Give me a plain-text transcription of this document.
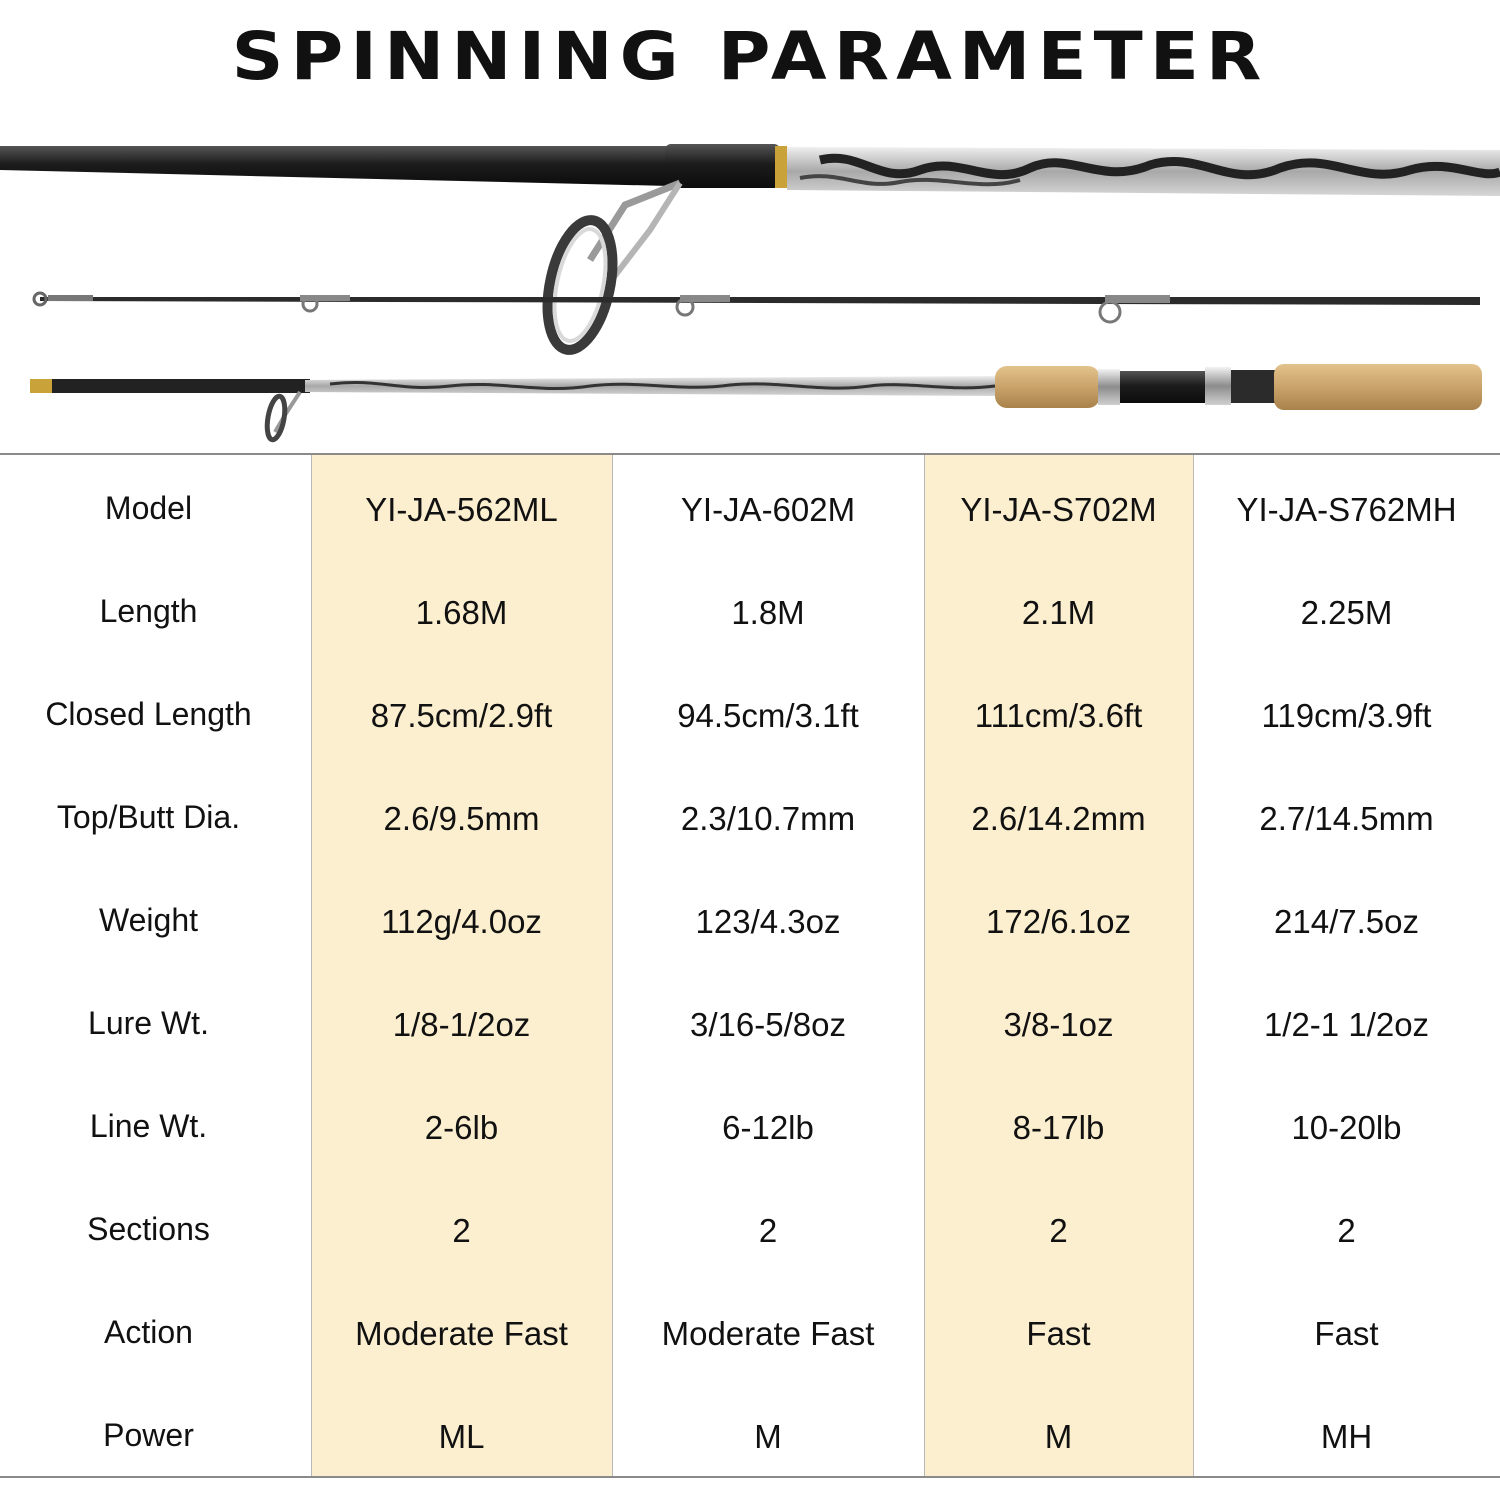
SPINNING PARAMETER
Model	YI-JA-562ML	YI-JA-602M	YI-JA-S702M	YI-JA-S762MH
Length	1.68M	1.8M	2.1M	2.25M
Closed Length	87.5cm/2.9ft	94.5cm/3.1ft	111cm/3.6ft	119cm/3.9ft
Top/Butt Dia.	2.6/9.5mm	2.3/10.7mm	2.6/14.2mm	2.7/14.5mm
Weight	112g/4.0oz	123/4.3oz	172/6.1oz	214/7.5oz
Lure Wt.	1/8-1/2oz	3/16-5/8oz	3/8-1oz	1/2-1 1/2oz
Line Wt.	2-6lb	6-12lb	8-17lb	10-20lb
Sections	2	2	2	2
Action	Moderate Fast	Moderate Fast	Fast	Fast
Power	ML	M	M	MH
